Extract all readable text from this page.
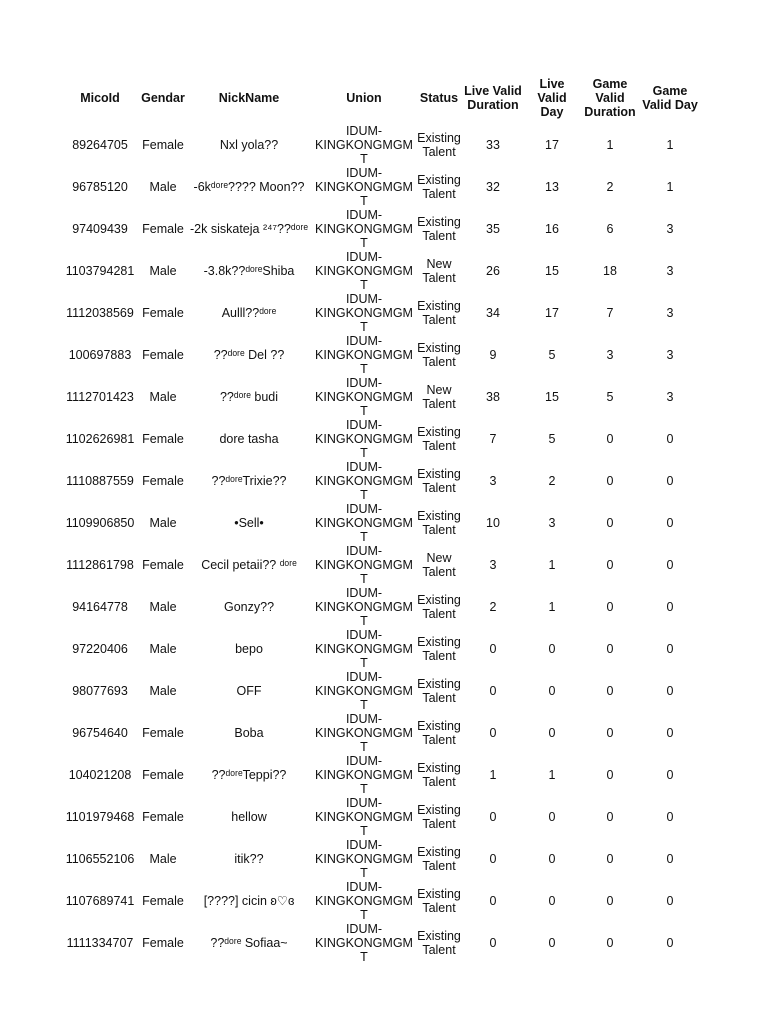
MicoId	Gendar	NickName	Union	Status	Live Valid Duration	Live Valid Day	Game Valid Duration	Game Valid Day
89264705	Female	Nxl yola??	IDUM-KINGKONGMGMT	Existing Talent	33	17	1	1
96785120	Male	-6kᵈᵒʳᵉ???? Moon??	IDUM-KINGKONGMGMT	Existing Talent	32	13	2	1
97409439	Female	-2k siskateja ²⁴⁷??ᵈᵒʳᵉ	IDUM-KINGKONGMGMT	Existing Talent	35	16	6	3
1103794281	Male	-3.8k??ᵈᵒʳᵉShiba	IDUM-KINGKONGMGMT	New Talent	26	15	18	3
1112038569	Female	Aulll??ᵈᵒʳᵉ	IDUM-KINGKONGMGMT	Existing Talent	34	17	7	3
100697883	Female	??ᵈᵒʳᵉ Del ??	IDUM-KINGKONGMGMT	Existing Talent	9	5	3	3
1112701423	Male	??ᵈᵒʳᵉ budi	IDUM-KINGKONGMGMT	New Talent	38	15	5	3
1102626981	Female	dore tasha	IDUM-KINGKONGMGMT	Existing Talent	7	5	0	0
1110887559	Female	??ᵈᵒʳᵉTrixie??	IDUM-KINGKONGMGMT	Existing Talent	3	2	0	0
1109906850	Male	•Sell•	IDUM-KINGKONGMGMT	Existing Talent	10	3	0	0
1112861798	Female	Cecil petaii?? ᵈᵒʳᵉ	IDUM-KINGKONGMGMT	New Talent	3	1	0	0
94164778	Male	Gonzy??	IDUM-KINGKONGMGMT	Existing Talent	2	1	0	0
97220406	Male	bepo	IDUM-KINGKONGMGMT	Existing Talent	0	0	0	0
98077693	Male	OFF	IDUM-KINGKONGMGMT	Existing Talent	0	0	0	0
96754640	Female	Boba	IDUM-KINGKONGMGMT	Existing Talent	0	0	0	0
104021208	Female	??ᵈᵒʳᵉTeppi??	IDUM-KINGKONGMGMT	Existing Talent	1	1	0	0
1101979468	Female	hellow	IDUM-KINGKONGMGMT	Existing Talent	0	0	0	0
1106552106	Male	itik??	IDUM-KINGKONGMGMT	Existing Talent	0	0	0	0
1107689741	Female	[????] cicin ʚ♡ɞ	IDUM-KINGKONGMGMT	Existing Talent	0	0	0	0
1111334707	Female	??ᵈᵒʳᵉ Sofiaa~	IDUM-KINGKONGMGMT	Existing Talent	0	0	0	0
